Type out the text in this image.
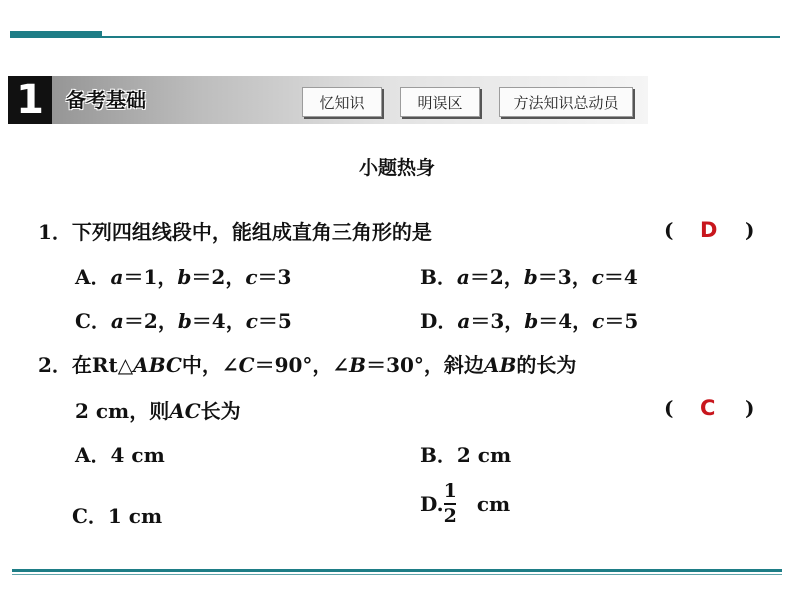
1	备考基础	忆知识	明误区	方法知识总动员
小题热身
1．下列四组线段中，能组成直角三角形的是	( D )
A．a＝1，b＝2，c＝3	B．a＝2，b＝3，c＝4
C．a＝2，b＝4，c＝5	D．a＝3，b＝4，c＝5
2．在Rt△ABC中，∠C＝90°，∠B＝30°，斜边AB的长为
2 cm，则AC长为	( C )
A．4 cm	B．2 cm
C．1 cm	D. $\frac{1}{2}$ cm
